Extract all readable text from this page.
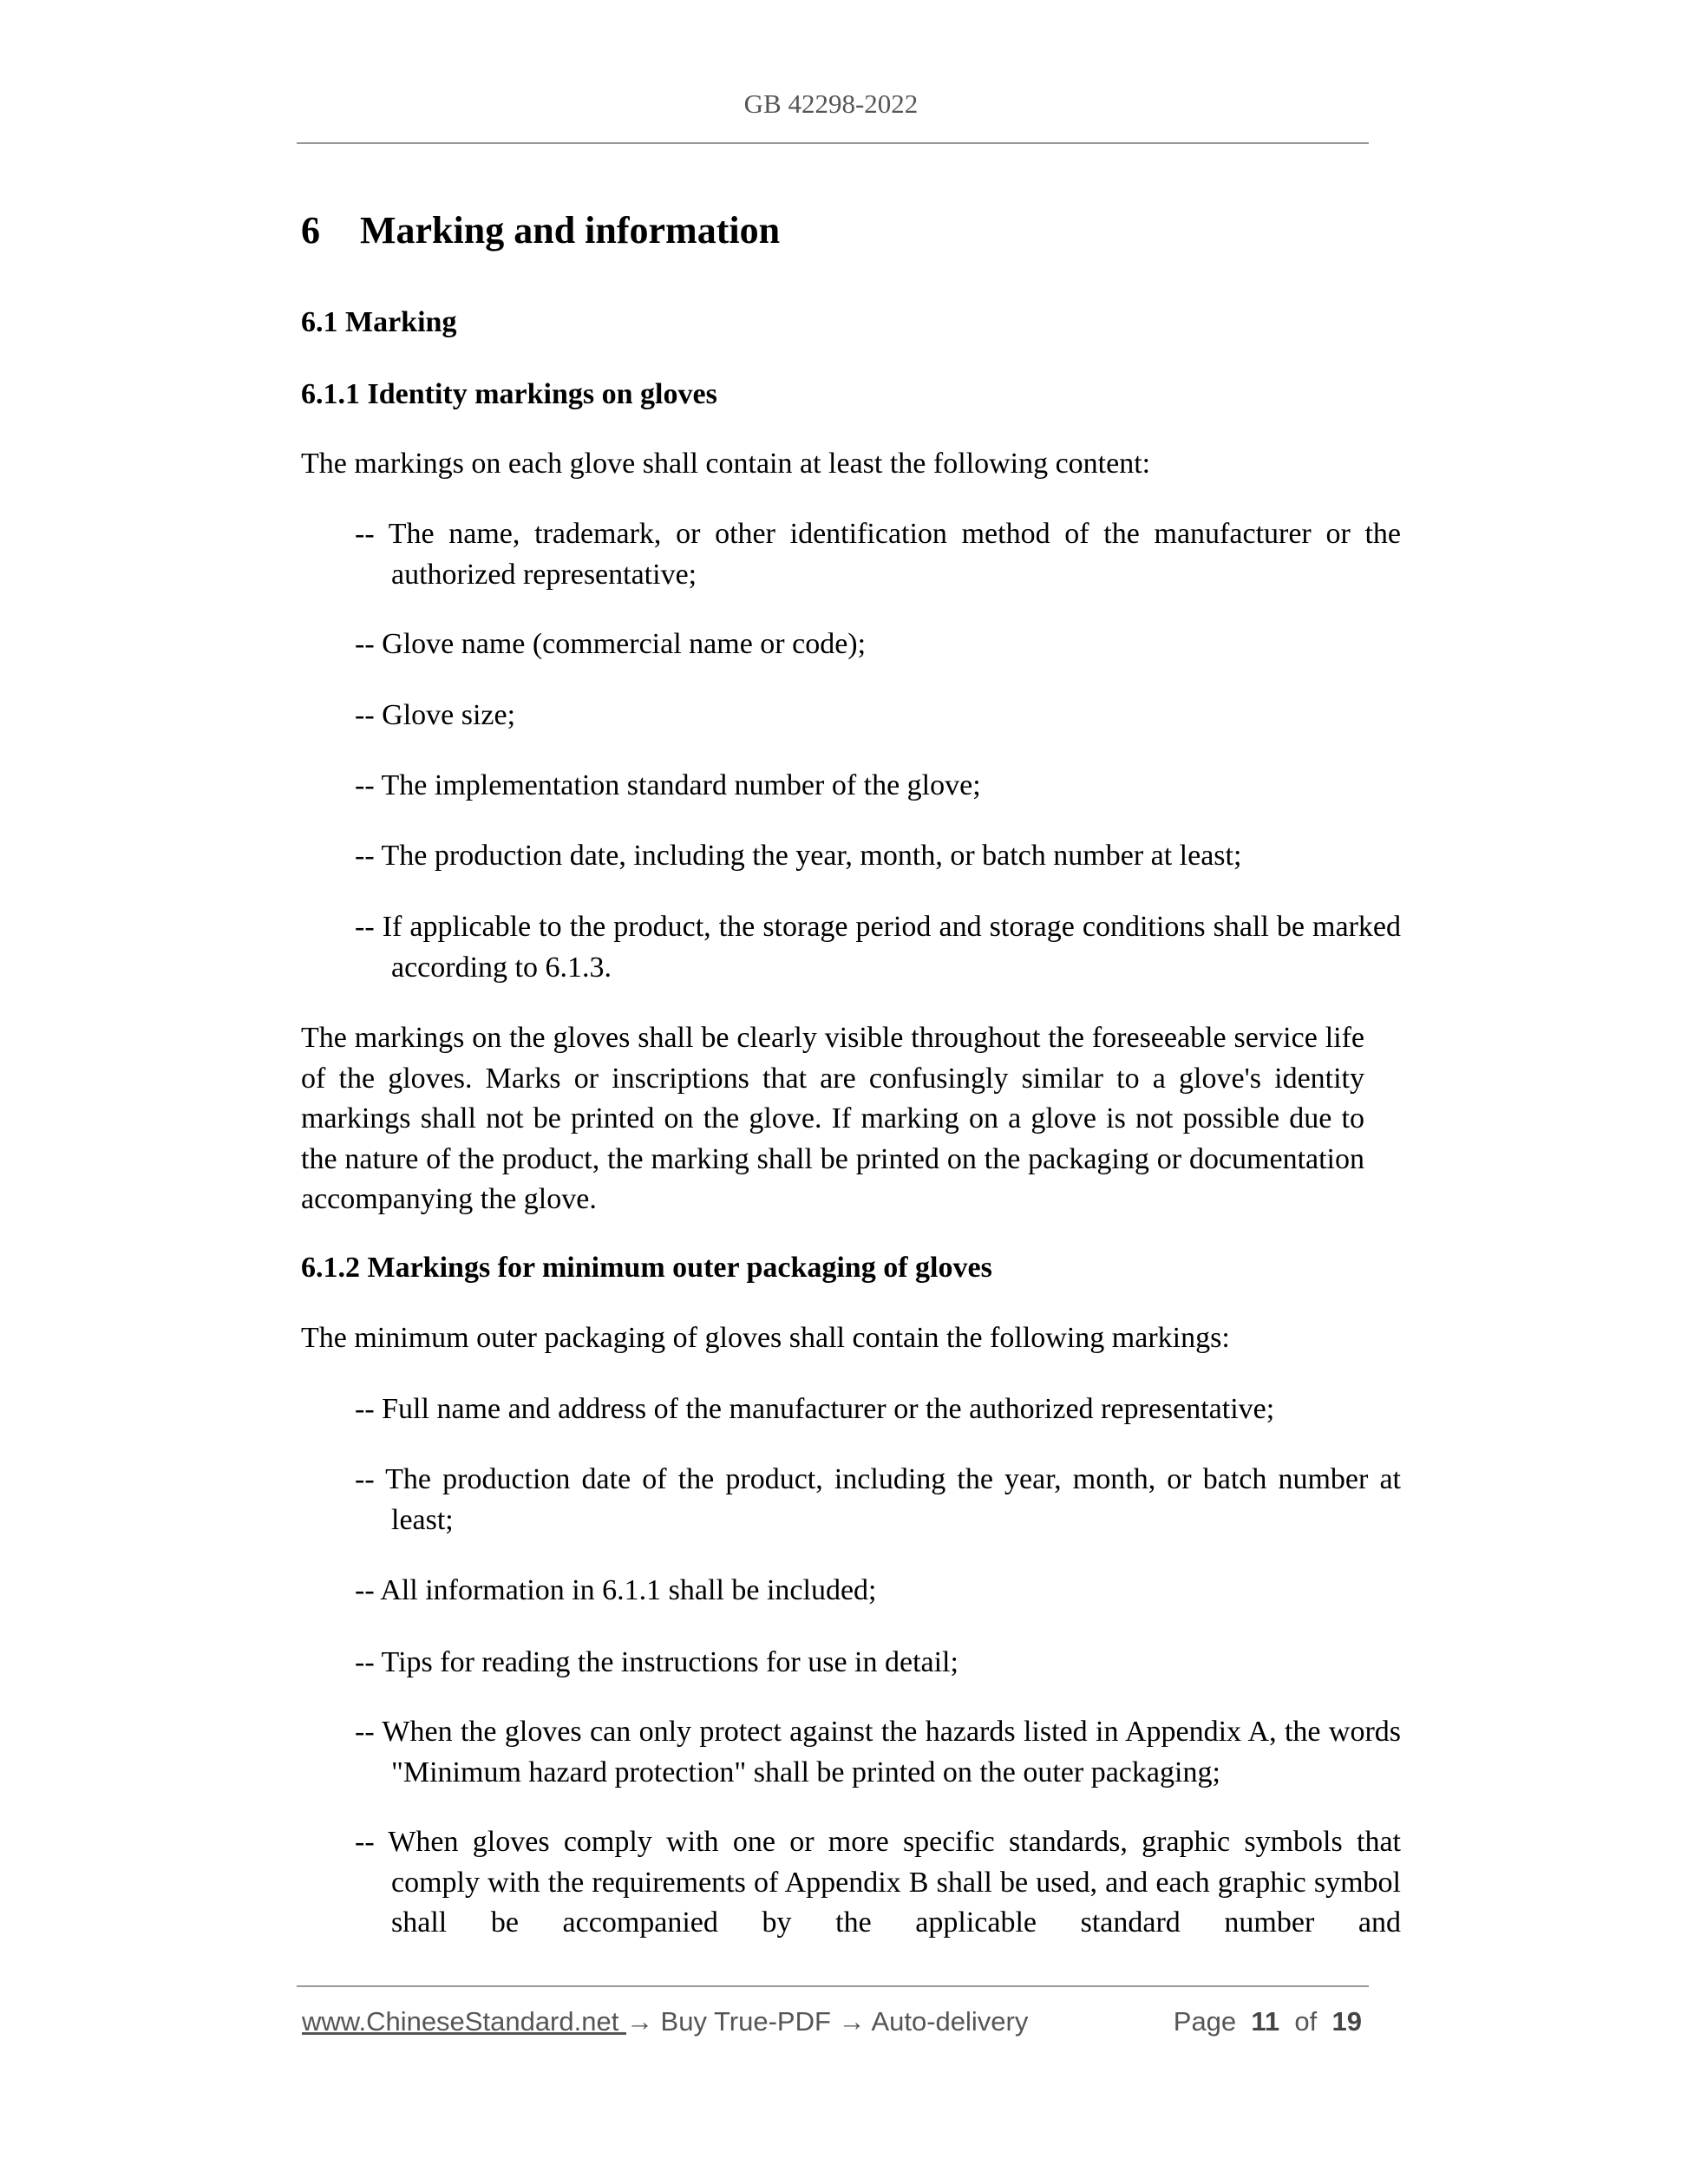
GB 42298-2022
6 Marking and information
6.1 Marking
6.1.1 Identity markings on gloves
The markings on each glove shall contain at least the following content:
-- The name, trademark, or other identification method of the manufacturer or the authorized representative;
-- Glove name (commercial name or code);
-- Glove size;
-- The implementation standard number of the glove;
-- The production date, including the year, month, or batch number at least;
-- If applicable to the product, the storage period and storage conditions shall be marked according to 6.1.3.
The markings on the gloves shall be clearly visible throughout the foreseeable service life of the gloves. Marks or inscriptions that are confusingly similar to a glove's identity markings shall not be printed on the glove. If marking on a glove is not possible due to the nature of the product, the marking shall be printed on the packaging or documentation accompanying the glove.
6.1.2 Markings for minimum outer packaging of gloves
The minimum outer packaging of gloves shall contain the following markings:
-- Full name and address of the manufacturer or the authorized representative;
-- The production date of the product, including the year, month, or batch number at least;
-- All information in 6.1.1 shall be included;
-- Tips for reading the instructions for use in detail;
-- When the gloves can only protect against the hazards listed in Appendix A, the words "Minimum hazard protection" shall be printed on the outer packaging;
-- When gloves comply with one or more specific standards, graphic symbols that comply with the requirements of Appendix B shall be used, and each graphic symbol shall be accompanied by the applicable standard number and
www.ChineseStandard.net → Buy True-PDF → Auto-delivery	Page 11 of 19
